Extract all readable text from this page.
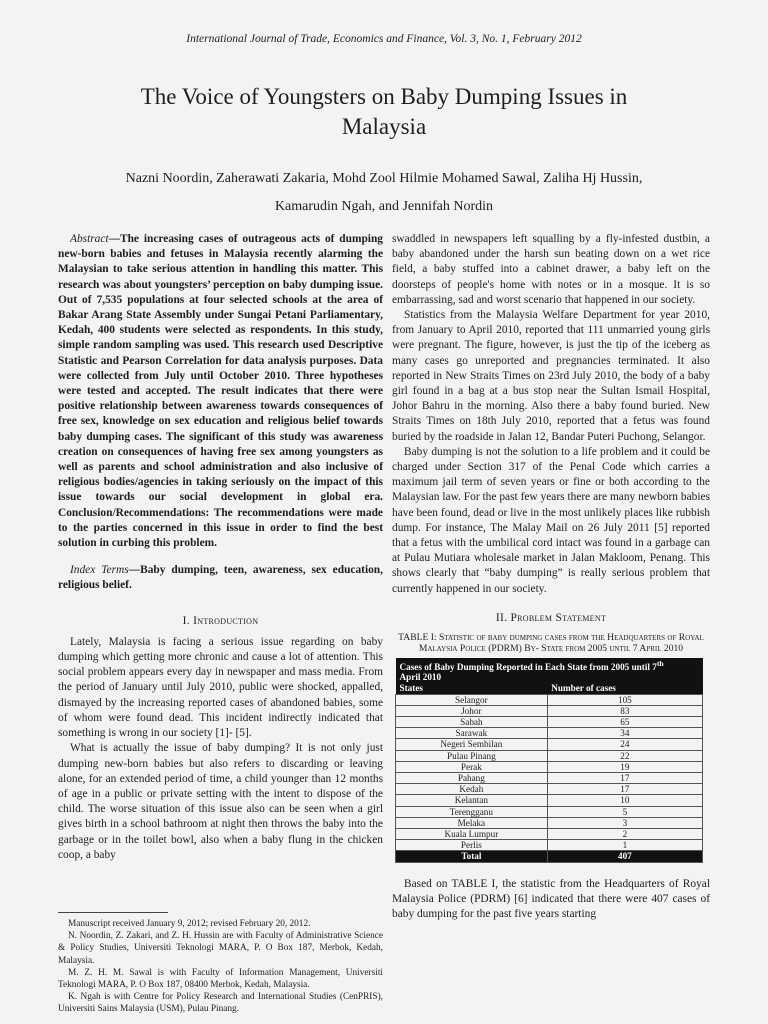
International Journal of Trade, Economics and Finance, Vol. 3, No. 1, February 2012
The Voice of Youngsters on Baby Dumping Issues in
Malaysia
Nazni Noordin, Zaherawati Zakaria, Mohd Zool Hilmie Mohamed Sawal, Zaliha Hj Hussin,
Kamarudin Ngah, and Jennifah Nordin

Abstract—The increasing cases of outrageous acts of dumping new-born babies and fetuses in Malaysia recently alarming the Malaysian to take serious attention in handling this matter. This research was about youngsters’ perception on baby dumping issue. Out of 7,535 populations at four selected schools at the area of Bakar Arang State Assembly under Sungai Petani Parliamentary, Kedah, 400 students were selected as respondents. In this study, simple random sampling was used. This research used Descriptive Statistic and Pearson Correlation for data analysis purposes. Data were collected from July until October 2010. Three hypotheses were tested and accepted. The result indicates that there were positive relationship between awareness towards consequences of free sex, knowledge on sex education and religious belief towards baby dumping cases. The significant of this study was awareness creation on consequences of having free sex among youngsters as well as parents and school administration and also inclusive of religious bodies/agencies in taking seriously on the impact of this issue towards our social development in global era. Conclusion/Recommendations: The recommendations were made to the parties concerned in this issue in order to find the best solution in curbing this problem.

Index Terms—Baby dumping, teen, awareness, sex education, religious belief.

I. Introduction

Lately, Malaysia is facing a serious issue regarding on baby dumping which getting more chronic and cause a lot of attention. This social problem appears every day in newspaper and mass media. From the period of January until July 2010, public were shocked, appalled, dismayed by the increasing reported cases of abandoned babies, some of whom were found dead. This incident indirectly indicated that something is wrong in our society [1]- [5].

What is actually the issue of baby dumping? It is not only just dumping new-born babies but also refers to discarding or leaving alone, for an extended period of time, a child younger than 12 months of age in a public or private setting with the intent to dispose of the child. The worse situation of this issue also can be seen when a girl gives birth in a school bathroom at night then throws the baby into the garbage or in the toilet bowl, also when a baby flung in the chicken coop, a baby

Manuscript received January 9, 2012; revised February 20, 2012.

N. Noordin, Z. Zakari, and Z. H. Hussin are with Faculty of Administrative Science & Policy Studies, Universiti Teknologi MARA, P. O Box 187, Merbok, Kedah, Malaysia.

M. Z. H. M. Sawal is with Faculty of Information Management, Universiti Teknologi MARA, P. O Box 187, 08400 Merbok, Kedah, Malaysia.

K. Ngah is with Centre for Policy Research and International Studies (CenPRIS), Universiti Sains Malaysia (USM), Pulau Pinang.

swaddled in newspapers left squalling by a fly-infested dustbin, a baby abandoned under the harsh sun beating down on a wet rice field, a baby stuffed into a cabinet drawer, a baby left on the doorsteps of people's home with notes or in a mosque. It is so embarrassing, sad and worst scenario that happened in our society.

Statistics from the Malaysia Welfare Department for year 2010, from January to April 2010, reported that 111 unmarried young girls were pregnant. The figure, however, is just the tip of the iceberg as many cases go unreported and pregnancies terminated. It also reported in New Straits Times on 23rd July 2010, the body of a baby girl found in a bag at a bus stop near the Sultan Ismail Hospital, Johor Bahru in the morning. Also there a baby found buried. New Straits Times on 18th July 2010, reported that a fetus was found buried by the roadside in Jalan 12, Bandar Puteri Puchong, Selangor.

Baby dumping is not the solution to a life problem and it could be charged under Section 317 of the Penal Code which carries a maximum jail term of seven years or fine or both according to the Malaysian law. For the past few years there are many newborn babies have been found, dead or live in the most unlikely places like rubbish dump. For instance, The Malay Mail on 26 July 2011 [5] reported that a fetus with the umbilical cord intact was found in a garbage can at Pulau Mutiara wholesale market in Jalan Makloom, Penang. This shows clearly that “baby dumping” is really serious problem that currently happened in our society.

II. Problem Statement
TABLE I: Statistic of baby dumping cases from the Headquarters of Royal Malaysia Police (PDRM) By- State from 2005 until 7 April 2010
Cases of Baby Dumping Reported in Each State from 2005 until 7th
April 2010	
States	Number of cases
Selangor	105
Johor	83
Sabah	65
Sarawak	34
Negeri Sembilan	24
Pulau Pinang	22
Perak	19
Pahang	17
Kedah	17
Kelantan	10
Terengganu	5
Melaka	3
Kuala Lumpur	2
Perlis	1
Total	407

Based on TABLE I, the statistic from the Headquarters of Royal Malaysia Police (PDRM) [6] indicated that there were 407 cases of baby dumping for the past five years starting
